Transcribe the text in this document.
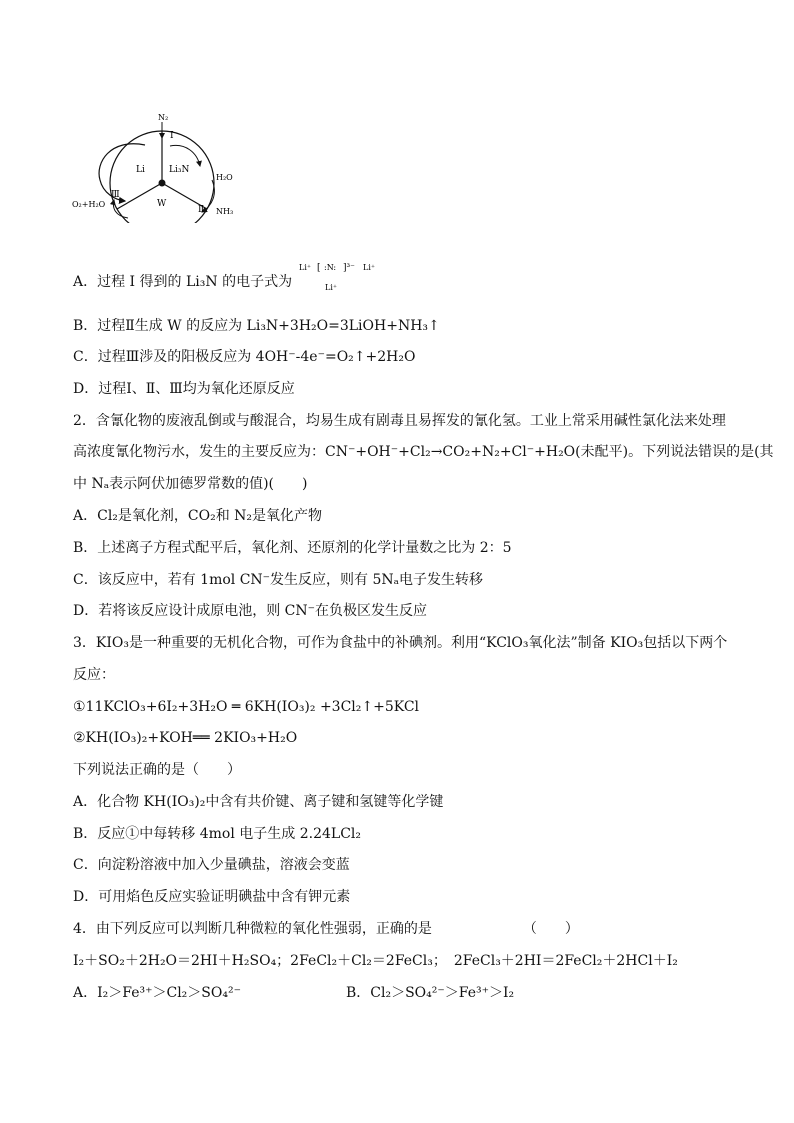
N₂
I
Li	Li₃N
W
H₂O
Ⅱ NH₃
Ⅲ
O₂+H₂O
A．过程 I 得到的 Li₃N 的电子式为
Li⁺ [ :N: ]³⁻ Li⁺
Li⁺
B．过程Ⅱ生成 W 的反应为 Li₃N+3H₂O=3LiOH+NH₃↑
C．过程Ⅲ涉及的阳极反应为 4OH⁻-4e⁻=O₂↑+2H₂O
D．过程Ⅰ、Ⅱ、Ⅲ均为氧化还原反应
2．含氰化物的废液乱倒或与酸混合，均易生成有剧毒且易挥发的氰化氢。工业上常采用碱性氯化法来处理
高浓度氰化物污水，发生的主要反应为：CN⁻+OH⁻+Cl₂→CO₂+N₂+Cl⁻+H₂O(未配平)。下列说法错误的是(其
中 Nₐ表示阿伏加德罗常数的值)(　　)
A．Cl₂是氧化剂，CO₂和 N₂是氧化产物
B．上述离子方程式配平后，氧化剂、还原剂的化学计量数之比为 2：5
C．该反应中，若有 1mol CN⁻发生反应，则有 5Nₐ电子发生转移
D．若将该反应设计成原电池，则 CN⁻在负极区发生反应
3．KIO₃是一种重要的无机化合物，可作为食盐中的补碘剂。利用“KClO₃氧化法”制备 KIO₃包括以下两个
反应：
①11KClO₃+6I₂+3H₂O ═ 6KH(IO₃)₂ +3Cl₂↑+5KCl
②KH(IO₃)₂+KOH══ 2KIO₃+H₂O
下列说法正确的是（　　）
A．化合物 KH(IO₃)₂中含有共价键、离子键和氢键等化学键
B．反应①中每转移 4mol 电子生成 2.24LCl₂
C．向淀粉溶液中加入少量碘盐，溶液会变蓝
D．可用焰色反应实验证明碘盐中含有钾元素
4．由下列反应可以判断几种微粒的氧化性强弱，正确的是　　　　　　　（　　）
I₂＋SO₂＋2H₂O＝2HI＋H₂SO₄；2FeCl₂＋Cl₂＝2FeCl₃；　2FeCl₃＋2HI＝2FeCl₂＋2HCl＋I₂
A．I₂＞Fe³⁺＞Cl₂＞SO₄²⁻	B．Cl₂＞SO₄²⁻＞Fe³⁺＞I₂
